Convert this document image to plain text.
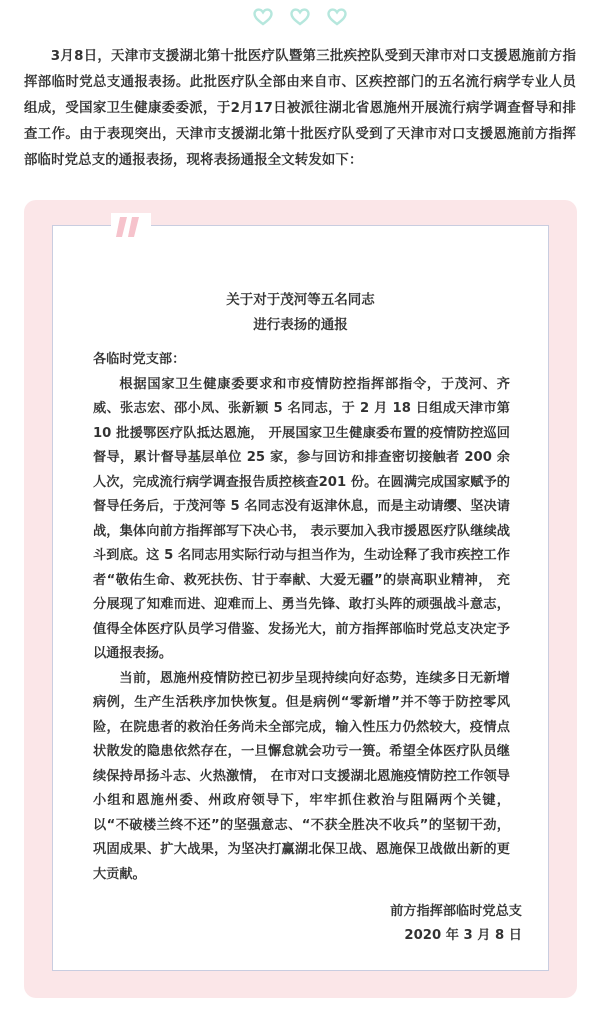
3月8日，天津市支援湖北第十批医疗队暨第三批疾控队受到天津市对口支援恩施前方指挥部临时党总支通报表扬。此批医疗队全部由来自市、区疾控部门的五名流行病学专业人员组成，受国家卫生健康委委派，于2月17日被派往湖北省恩施州开展流行病学调查督导和排查工作。由于表现突出，天津市支援湖北第十批医疗队受到了天津市对口支援恩施前方指挥部临时党总支的通报表扬，现将表扬通报全文转发如下：

关于对于茂河等五名同志
进行表扬的通报

各临时党支部：

根据国家卫生健康委要求和市疫情防控指挥部指令，于茂河、齐威、张志宏、邵小凤、张新颖 5 名同志，于 2 月 18 日组成天津市第 10 批援鄂医疗队抵达恩施， 开展国家卫生健康委布置的疫情防控巡回督导，累计督导基层单位 25 家，参与回访和排查密切接触者 200 余人次，完成流行病学调查报告质控核查201 份。在圆满完成国家赋予的督导任务后，于茂河等 5 名同志没有返津休息，而是主动请缨、坚决请战，集体向前方指挥部写下决心书， 表示要加入我市援恩医疗队继续战斗到底。这 5 名同志用实际行动与担当作为，生动诠释了我市疾控工作者“敬佑生命、救死扶伤、甘于奉献、大爱无疆”的崇高职业精神， 充分展现了知难而进、迎难而上、勇当先锋、敢打头阵的顽强战斗意志， 值得全体医疗队员学习借鉴、发扬光大，前方指挥部临时党总支决定予以通报表扬。

当前，恩施州疫情防控已初步呈现持续向好态势，连续多日无新增病例，生产生活秩序加快恢复。但是病例“零新增”并不等于防控零风险，在院患者的救治任务尚未全部完成，输入性压力仍然较大，疫情点状散发的隐患依然存在，一旦懈怠就会功亏一篑。希望全体医疗队员继续保持昂扬斗志、火热激情， 在市对口支援湖北恩施疫情防控工作领导小组和恩施州委、州政府领导下，牢牢抓住救治与阻隔两个关键，以“不破楼兰终不还”的坚强意志、“不获全胜决不收兵”的坚韧干劲，巩固成果、扩大战果，为坚决打赢湖北保卫战、恩施保卫战做出新的更大贡献。

前方指挥部临时党总支
2020 年 3 月 8 日
